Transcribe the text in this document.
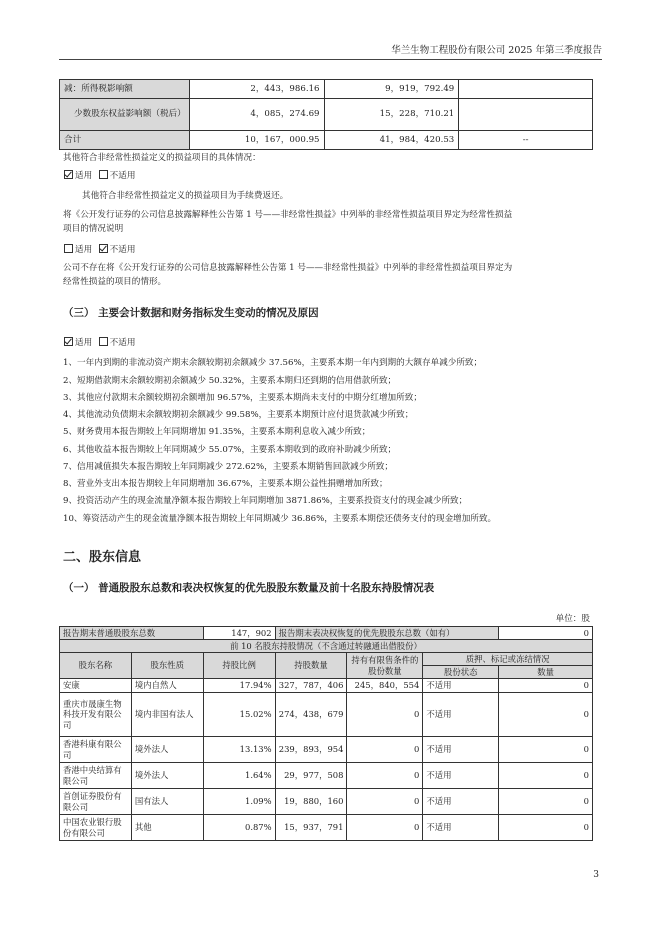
华兰生物工程股份有限公司 2025 年第三季度报告
减：所得税影响额	2，443，986.16	9，919，792.49	
少数股东权益影响额（税后）	4，085，274.69	15，228，710.21	
合计	10，167，000.95	41，984，420.53	--
其他符合非经常性损益定义的损益项目的具体情况：
适用 不适用
其他符合非经常性损益定义的损益项目为手续费返还。
将《公开发行证券的公司信息披露解释性公告第 1 号——非经常性损益》中列举的非经常性损益项目界定为经常性损益
项目的情况说明
适用 不适用
公司不存在将《公开发行证券的公司信息披露解释性公告第 1 号——非经常性损益》中列举的非经常性损益项目界定为
经常性损益的项目的情形。
（三） 主要会计数据和财务指标发生变动的情况及原因
适用 不适用
1、一年内到期的非流动资产期末余额较期初余额减少 37.56%，主要系本期一年内到期的大额存单减少所致；
2、短期借款期末余额较期初余额减少 50.32%，主要系本期归还到期的信用借款所致；
3、其他应付款期末余额较期初余额增加 96.57%，主要系本期尚未支付的中期分红增加所致；
4、其他流动负债期末余额较期初余额减少 99.58%，主要系本期预计应付退货款减少所致；
5、财务费用本报告期较上年同期增加 91.35%，主要系本期利息收入减少所致；
6、其他收益本报告期较上年同期减少 55.07%，主要系本期收到的政府补助减少所致；
7、信用减值损失本报告期较上年同期减少 272.62%，主要系本期销售回款减少所致；
8、营业外支出本报告期较上年同期增加 36.67%，主要系本期公益性捐赠增加所致；
9、投资活动产生的现金流量净额本报告期较上年同期增加 3871.86%，主要系投资支付的现金减少所致；
10、筹资活动产生的现金流量净额本报告期较上年同期减少 36.86%，主要系本期偿还债务支付的现金增加所致。
二、股东信息
（一） 普通股股东总数和表决权恢复的优先股股东数量及前十名股东持股情况表
单位：股
报告期末普通股股东总数		147，902	报告期末表决权恢复的优先股股东总数（如有）			0
前 10 名股东持股情况（不含通过转融通出借股份）						
股东名称	股东性质	持股比例	持股数量	持有有限售条件的股份数量	质押、标记或冻结情况	
					股份状态	数量
安康	境内自然人	17.94%	327，787，406	245，840，554	不适用	0
重庆市晟康生物科技开发有限公司	境内非国有法人	15.02%	274，438，679	0	不适用	0
香港科康有限公司	境外法人	13.13%	239，893，954	0	不适用	0
香港中央结算有限公司	境外法人	1.64%	29，977，508	0	不适用	0
首创证券股份有限公司	国有法人	1.09%	19，880，160	0	不适用	0
中国农业银行股份有限公司	其他	0.87%	15，937，791	0	不适用	0
3
